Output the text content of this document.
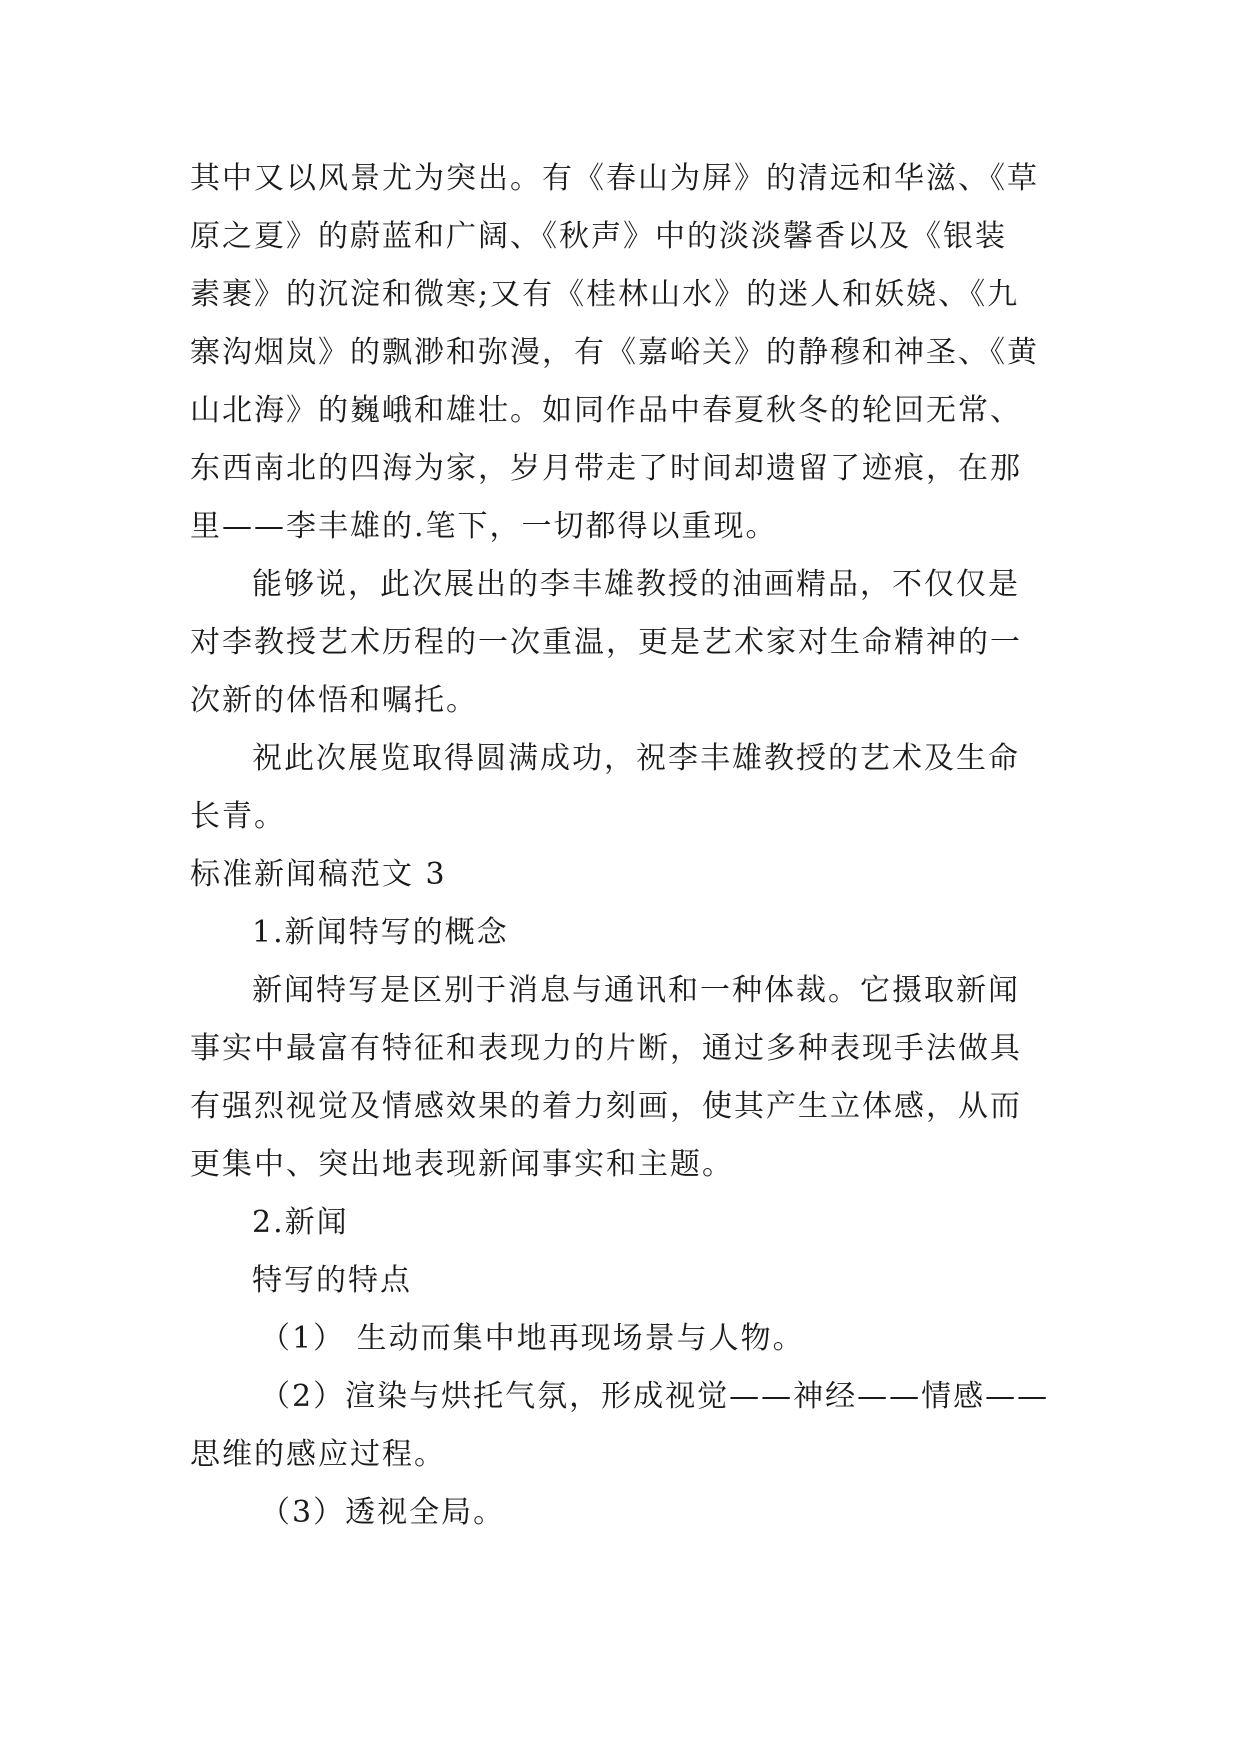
其中又以风景尤为突出。有《春山为屏》的清远和华滋、《草
原之夏》的蔚蓝和广阔、《秋声》中的淡淡馨香以及《银装
素裹》的沉淀和微寒;又有《桂林山水》的迷人和妖娆、《九
寨沟烟岚》的飘渺和弥漫，有《嘉峪关》的静穆和神圣、《黄
山北海》的巍峨和雄壮。如同作品中春夏秋冬的轮回无常、
东西南北的四海为家，岁月带走了时间却遗留了迹痕，在那
里——李丰雄的.笔下，一切都得以重现。
能够说，此次展出的李丰雄教授的油画精品，不仅仅是
对李教授艺术历程的一次重温，更是艺术家对生命精神的一
次新的体悟和嘱托。
祝此次展览取得圆满成功，祝李丰雄教授的艺术及生命
长青。
标准新闻稿范文 3
1.新闻特写的概念
新闻特写是区别于消息与通讯和一种体裁。它摄取新闻
事实中最富有特征和表现力的片断，通过多种表现手法做具
有强烈视觉及情感效果的着力刻画，使其产生立体感，从而
更集中、突出地表现新闻事实和主题。
2.新闻
特写的特点
（1） 生动而集中地再现场景与人物。
（2）渲染与烘托气氛，形成视觉——神经——情感——
思维的感应过程。
（3）透视全局。
